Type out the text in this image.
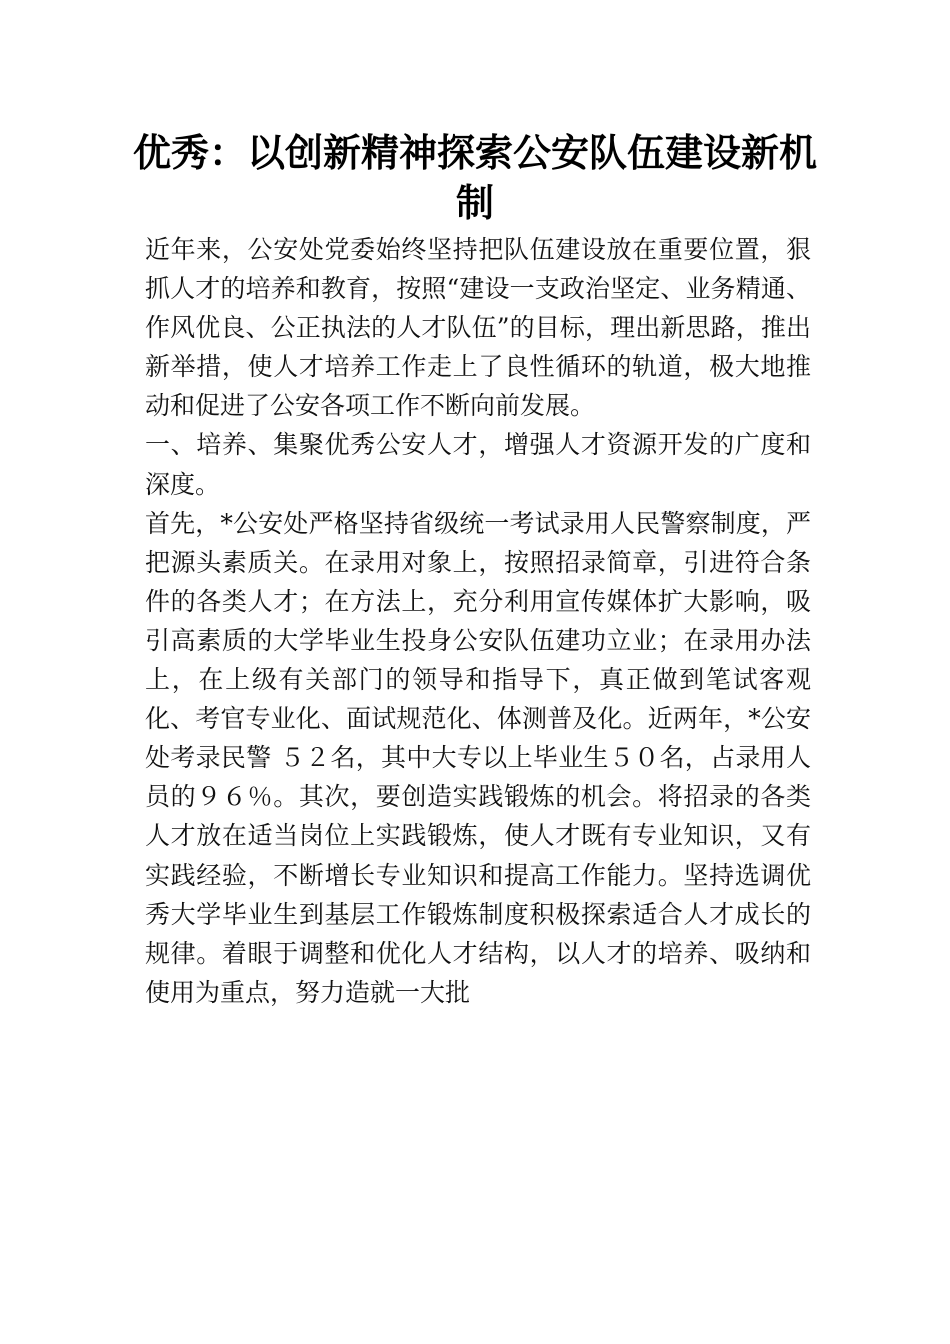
优秀：以创新精神探索公安队伍建设新机制

近年来，公安处党委始终坚持把队伍建设放在重要位置，狠抓人才的培养和教育，按照“建设一支政治坚定、业务精通、作风优良、公正执法的人才队伍”的目标，理出新思路，推出新举措，使人才培养工作走上了良性循环的轨道，极大地推动和促进了公安各项工作不断向前发展。

一、培养、集聚优秀公安人才，增强人才资源开发的广度和深度。

首先，*公安处严格坚持省级统一考试录用人民警察制度，严把源头素质关。在录用对象上，按照招录简章，引进符合条件的各类人才；在方法上，充分利用宣传媒体扩大影响，吸引高素质的大学毕业生投身公安队伍建功立业；在录用办法上，在上级有关部门的领导和指导下，真正做到笔试客观化、考官专业化、面试规范化、体测普及化。近两年，*公安处考录民警 ５２名，其中大专以上毕业生５０名，占录用人员的９６％。其次，要创造实践锻炼的机会。将招录的各类人才放在适当岗位上实践锻炼，使人才既有专业知识，又有实践经验，不断增长专业知识和提高工作能力。坚持选调优秀大学毕业生到基层工作锻炼制度积极探索适合人才成长的规律。着眼于调整和优化人才结构，以人才的培养、吸纳和使用为重点，努力造就一大批
